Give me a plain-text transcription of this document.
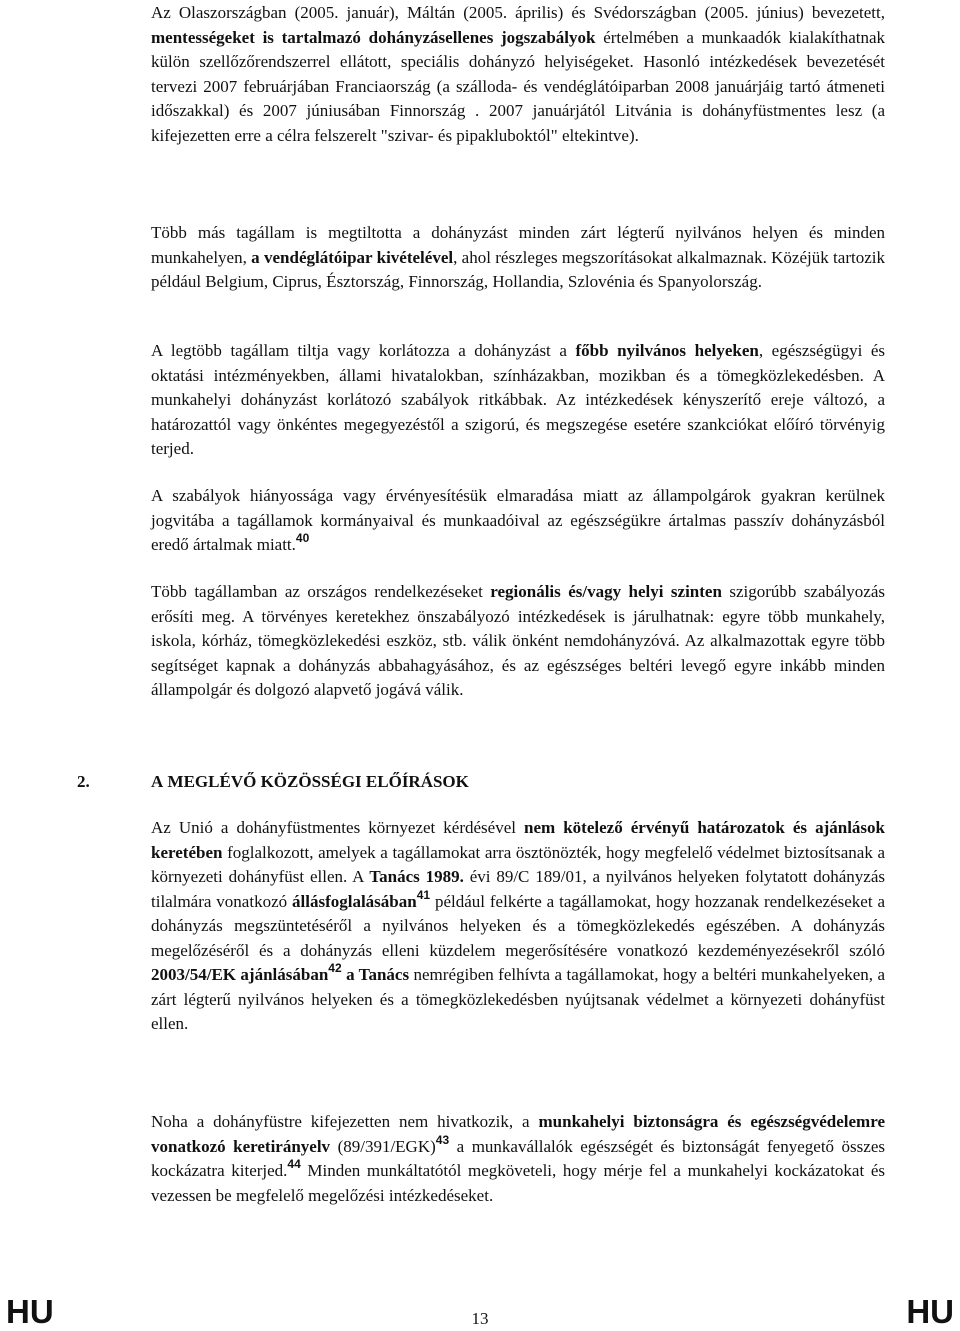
Az Olaszországban (2005. január), Máltán (2005. április) és Svédországban (2005. június) bevezetett, mentességeket is tartalmazó dohányzásellenes jogszabályok értelmében a munkaadók kialakíthatnak külön szellőzőrendszerrel ellátott, speciális dohányzó helyiségeket. Hasonló intézkedések bevezetését tervezi 2007 februárjában Franciaország (a szálloda- és vendéglátóiparban 2008 januárjáig tartó átmeneti időszakkal) és 2007 júniusában Finnország . 2007 januárjától Litvánia is dohányfüstmentes lesz (a kifejezetten erre a célra felszerelt "szivar- és pipakluboktól" eltekintve).

Több más tagállam is megtiltotta a dohányzást minden zárt légterű nyilvános helyen és minden munkahelyen, a vendéglátóipar kivételével, ahol részleges megszorításokat alkalmaznak. Közéjük tartozik például Belgium, Ciprus, Észtország, Finnország, Hollandia, Szlovénia és Spanyolország.

A legtöbb tagállam tiltja vagy korlátozza a dohányzást a főbb nyilvános helyeken, egészségügyi és oktatási intézményekben, állami hivatalokban, színházakban, mozikban és a tömegközlekedésben. A munkahelyi dohányzást korlátozó szabályok ritkábbak. Az intézkedések kényszerítő ereje változó, a határozattól vagy önkéntes megegyezéstől a szigorú, és megszegése esetére szankciókat előíró törvényig terjed.

A szabályok hiányossága vagy érvényesítésük elmaradása miatt az állampolgárok gyakran kerülnek jogvitába a tagállamok kormányaival és munkaadóival az egészségükre ártalmas passzív dohányzásból eredő ártalmak miatt.$^{40}$

Több tagállamban az országos rendelkezéseket regionális és/vagy helyi szinten szigorúbb szabályozás erősíti meg. A törvényes keretekhez önszabályozó intézkedések is járulhatnak: egyre több munkahely, iskola, kórház, tömegközlekedési eszköz, stb. válik önként nemdohányzóvá. Az alkalmazottak egyre több segítséget kapnak a dohányzás abbahagyásához, és az egészséges beltéri levegő egyre inkább minden állampolgár és dolgozó alapvető jogává válik.

2.	A MEGLÉVŐ KÖZÖSSÉGI ELŐÍRÁSOK

Az Unió a dohányfüstmentes környezet kérdésével nem kötelező érvényű határozatok és ajánlások keretében foglalkozott, amelyek a tagállamokat arra ösztönözték, hogy megfelelő védelmet biztosítsanak a környezeti dohányfüst ellen. A Tanács 1989. évi 89/C 189/01, a nyilvános helyeken folytatott dohányzás tilalmára vonatkozó állásfoglalásában$^{41}$ például felkérte a tagállamokat, hogy hozzanak rendelkezéseket a dohányzás megszüntetéséről a nyilvános helyeken és a tömegközlekedés egészében. A dohányzás megelőzéséről és a dohányzás elleni küzdelem megerősítésére vonatkozó kezdeményezésekről szóló 2003/54/EK ajánlásában$^{42}$ a Tanács nemrégiben felhívta a tagállamokat, hogy a beltéri munkahelyeken, a zárt légterű nyilvános helyeken és a tömegközlekedésben nyújtsanak védelmet a környezeti dohányfüst ellen.

Noha a dohányfüstre kifejezetten nem hivatkozik, a munkahelyi biztonságra és egészségvédelemre vonatkozó keretirányelv $(89/391/EGK)^{43}$ a munkavállalók egészségét és biztonságát fenyegető összes kockázatra kiterjed.$^{44}$ Minden munkáltatótól megköveteli, hogy mérje fel a munkahelyi kockázatokat és vezessen be megfelelő megelőzési intézkedéseket.

HU	13	HU
